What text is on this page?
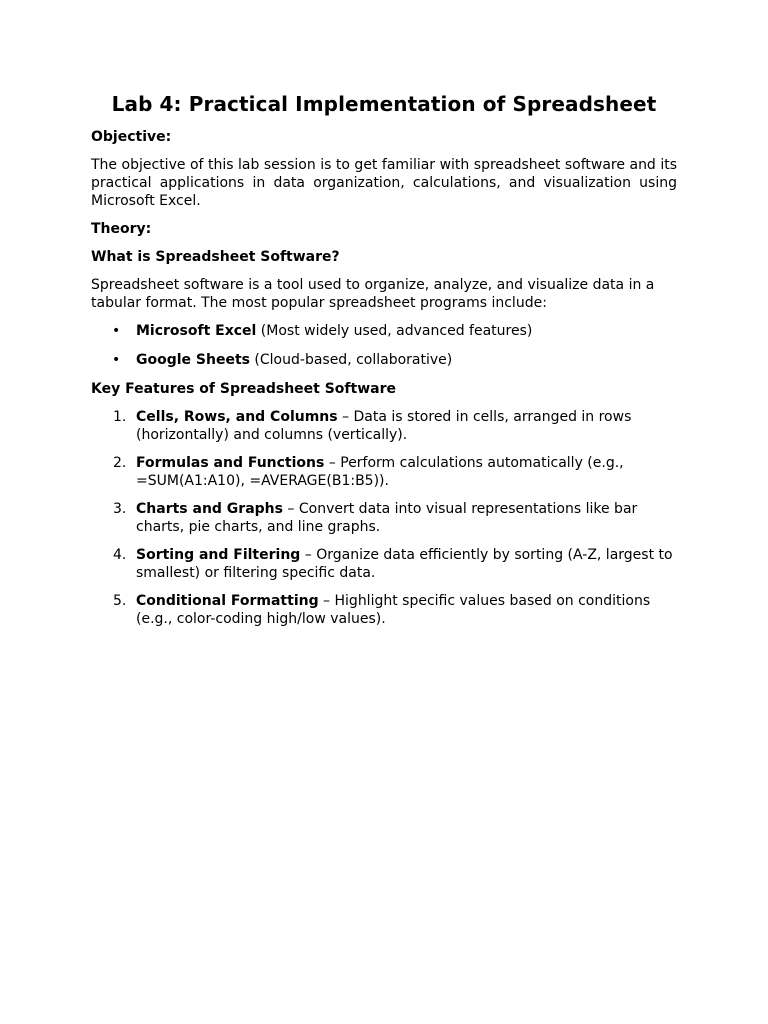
Lab 4: Practical Implementation of Spreadsheet
Objective:
The objective of this lab session is to get familiar with spreadsheet software and its practical applications in data organization, calculations, and visualization using Microsoft Excel.
Theory:
What is Spreadsheet Software?
Spreadsheet software is a tool used to organize, analyze, and visualize data in a tabular format. The most popular spreadsheet programs include:
• Microsoft Excel (Most widely used, advanced features)
• Google Sheets (Cloud-based, collaborative)
Key Features of Spreadsheet Software
1. Cells, Rows, and Columns – Data is stored in cells, arranged in rows (horizontally) and columns (vertically).
2. Formulas and Functions – Perform calculations automatically (e.g., =SUM(A1:A10), =AVERAGE(B1:B5)).
3. Charts and Graphs – Convert data into visual representations like bar charts, pie charts, and line graphs.
4. Sorting and Filtering – Organize data efficiently by sorting (A-Z, largest to smallest) or filtering specific data.
5. Conditional Formatting – Highlight specific values based on conditions (e.g., color-coding high/low values).
